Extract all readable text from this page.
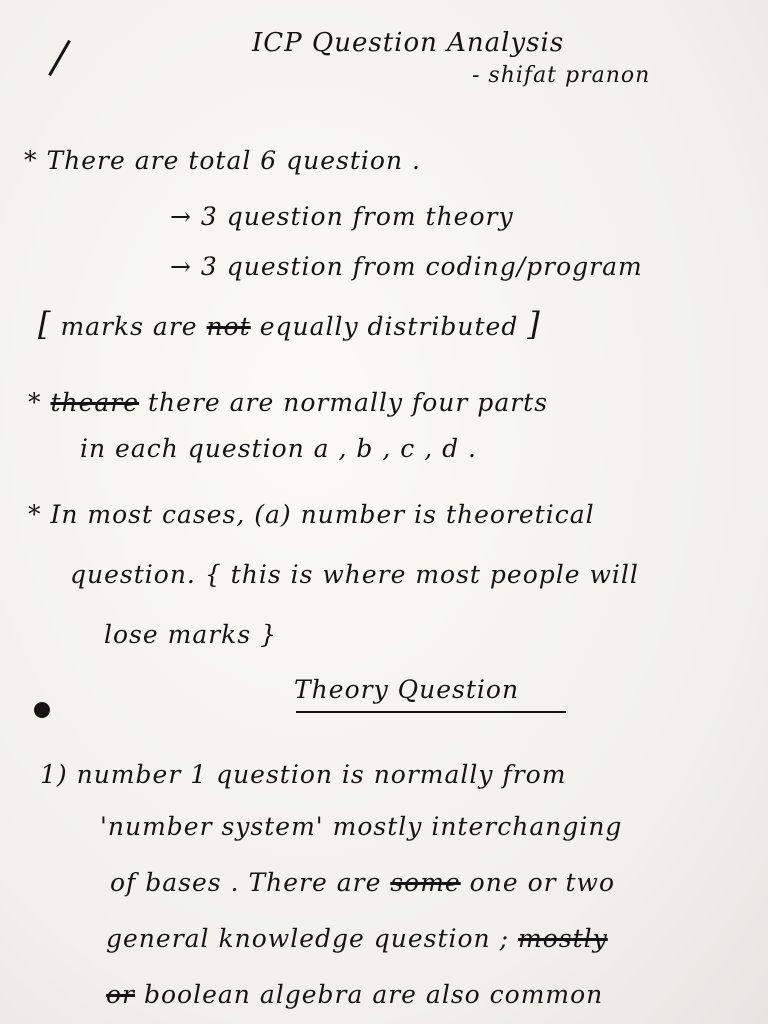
ICP Question Analysis
- shifat pranon
* There are total 6 question .
→ 3 question from theory
→ 3 question from coding/program
[ marks are not equally distributed ]
* theare there are normally four parts
in each question a , b , c , d .
* In most cases, (a) number is theoretical
question. { this is where most people will
lose marks }
Theory Question
1) number 1 question is normally from
'number system' mostly interchanging
of bases . There are some one or two
general knowledge question ; mostly
or boolean algebra are also common
